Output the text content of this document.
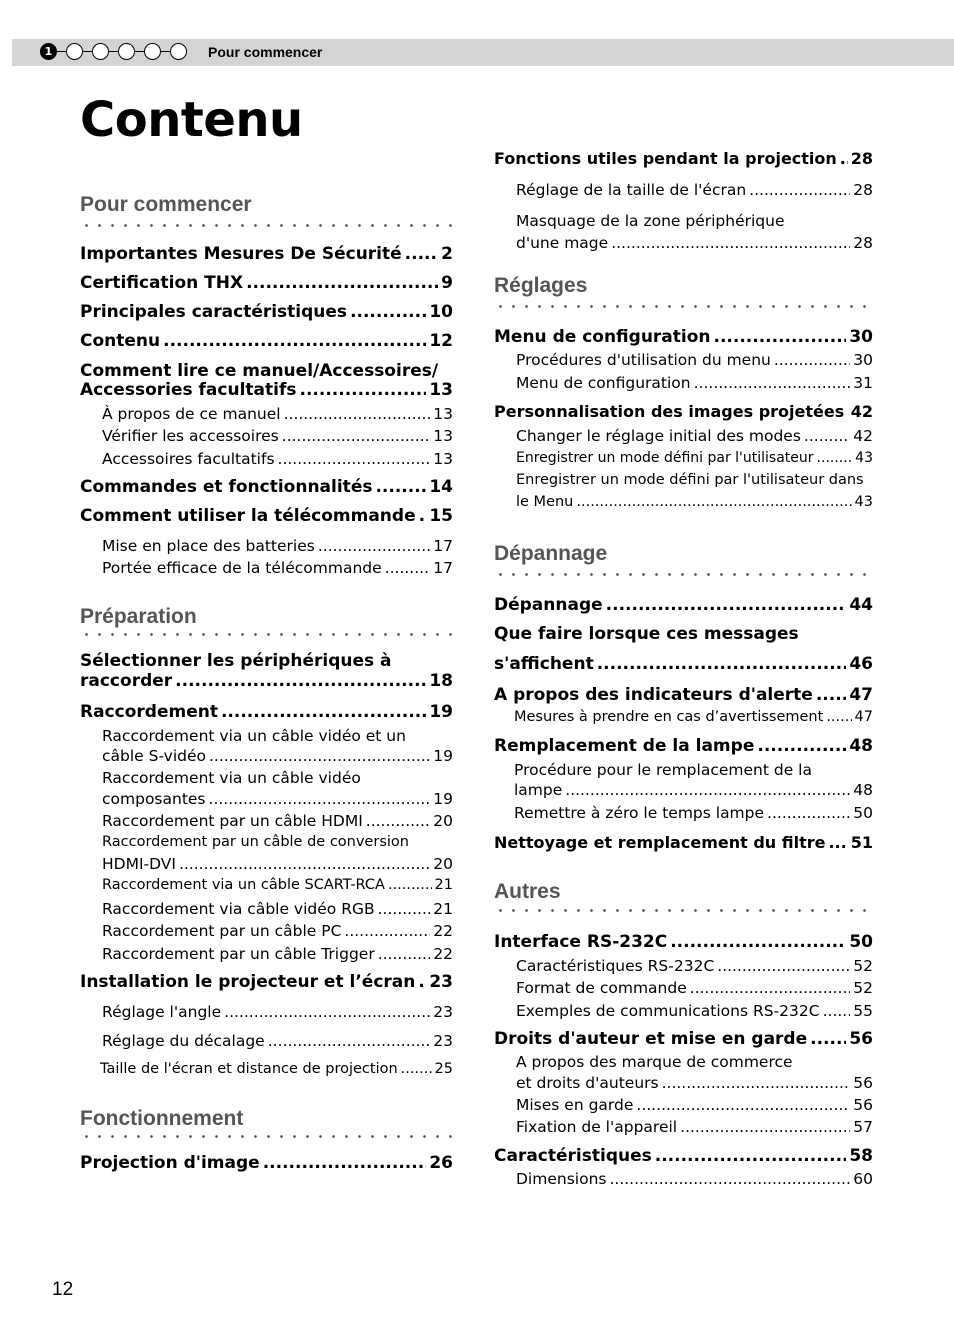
1	Pour commencer
Contenu
Pour commencer
Importantes Mesures De Sécurité ..... 2
Certification THX .....	9
Principales caractéristiques .....	10
Contenu .....	12
Comment lire ce manuel/Accessoires/
Accessories facultatifs .....	13
À propos de ce manuel .....	13
Vérifier les accessoires .....	13
Accessoires facultatifs .....	13
Commandes et fonctionnalités .....	14
Comment utiliser la télécommande ..... 15
Mise en place des batteries .....	17
Portée efficace de la télécommande .....	17
Préparation
Sélectionner les périphériques à
raccorder .....	18
Raccordement .....	19
Raccordement via un câble vidéo et un
câble S-vidéo .....	19
Raccordement via un câble vidéo
composantes .....	19
Raccordement par un câble HDMI .....	20
Raccordement par un câble de conversion
HDMI-DVI .....	20
Raccordement via un câble SCART-RCA .....	21
Raccordement via câble vidéo RGB .....	21
Raccordement par un câble PC .....	22
Raccordement par un câble Trigger .....	22
Installation le projecteur et l’écran ..... 23
Réglage l'angle .....	23
Réglage du décalage .....	23
Taille de l'écran et distance de projection .....	25
Fonctionnement
Projection d'image .....	26
Fonctions utiles pendant la projection ..... 28
Réglage de la taille de l'écran .....	28
Masquage de la zone périphérique
d'une mage .....	28
Réglages
Menu de configuration .....	30
Procédures d'utilisation du menu .....	30
Menu de configuration .....	31
Personnalisation des images projetées ..... 42
Changer le réglage initial des modes .....	42
Enregistrer un mode défini par l'utilisateur .....	43
Enregistrer un mode défini par l'utilisateur dans
le Menu .....	43
Dépannage
Dépannage .....	44
Que faire lorsque ces messages
s'affichent .....	46
A propos des indicateurs d'alerte ..... 47
Mesures à prendre en cas d’avertissement ..... 47
Remplacement de la lampe .....	48
Procédure pour le remplacement de la
lampe .....	48
Remettre à zéro le temps lampe .....	50
Nettoyage et remplacement du filtre ..... 51
Autres
Interface RS-232C .....	50
Caractéristiques RS-232C .....	52
Format de commande .....	52
Exemples de communications RS-232C ..... 55
Droits d'auteur et mise en garde ..... 56
A propos des marque de commerce
et droits d'auteurs .....	56
Mises en garde .....	56
Fixation de l'appareil .....	57
Caractéristiques .....	58
Dimensions .....	60
12
